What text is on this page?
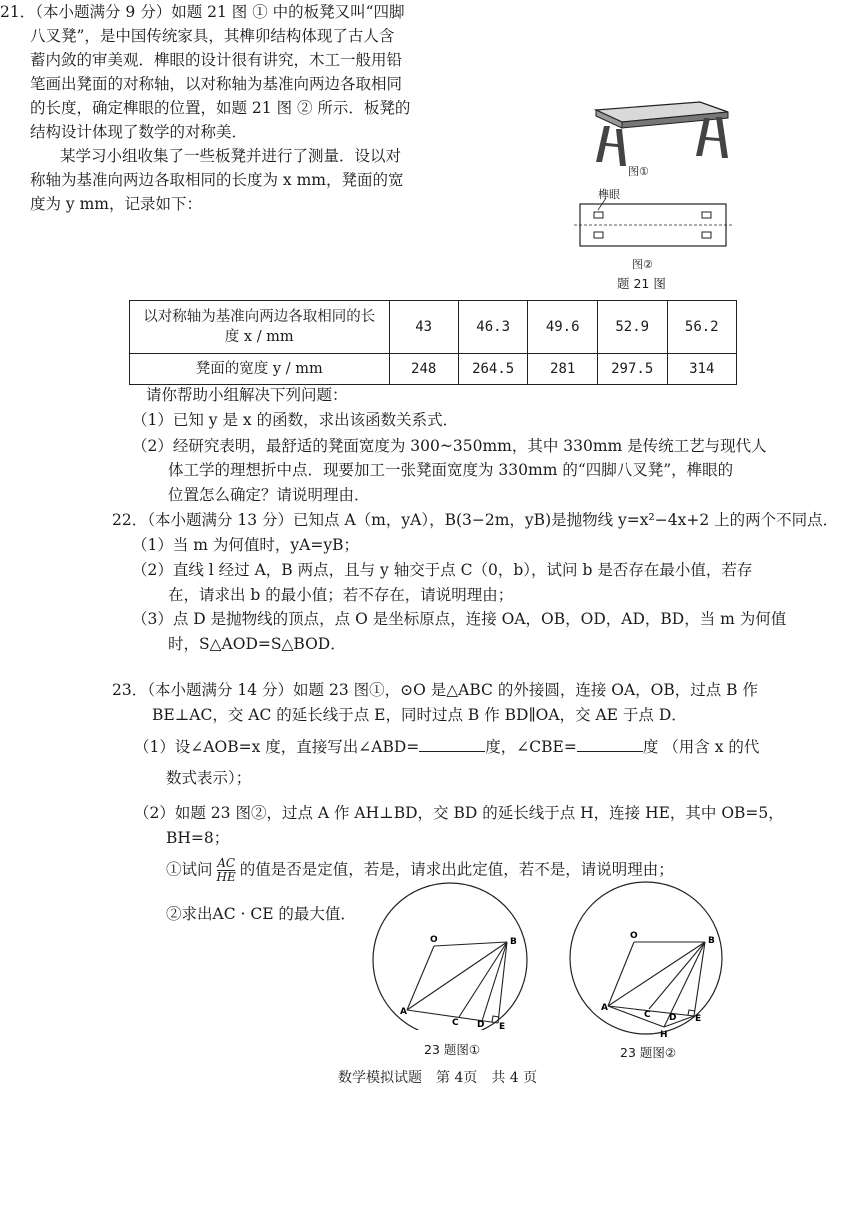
21．（本小题满分 9 分）如题 21 图 ① 中的板凳又叫“四脚
八叉凳”，是中国传统家具，其榫卯结构体现了古人含
蓄内敛的审美观．榫眼的设计很有讲究，木工一般用铅
笔画出凳面的对称轴，以对称轴为基准向两边各取相同
的长度，确定榫眼的位置，如题 21 图 ② 所示．板凳的
结构设计体现了数学的对称美．
某学习小组收集了一些板凳并进行了测量．设以对
称轴为基准向两边各取相同的长度为 x mm，凳面的宽
度为 y mm，记录如下：
图①
榫眼
图②
题 21 图
以对称轴为基准向两边各取相同的长
度 x / mm	43	46.3	49.6	52.9	56.2
凳面的宽度 y / mm	248	264.5	281	297.5	314
请你帮助小组解决下列问题：
（1）已知 y 是 x 的函数，求出该函数关系式．
（2）经研究表明，最舒适的凳面宽度为 300~350mm，其中 330mm 是传统工艺与现代人
体工学的理想折中点．现要加工一张凳面宽度为 330mm 的“四脚八叉凳”，榫眼的
位置怎么确定？请说明理由．
22．（本小题满分 13 分）已知点 A（m，yA），B(3−2m，yB)是抛物线 y=x²−4x+2 上的两个不同点．
（1）当 m 为何值时，yA=yB；
（2）直线 l 经过 A，B 两点，且与 y 轴交于点 C（0，b），试问 b 是否存在最小值，若存
在，请求出 b 的最小值；若不存在，请说明理由；
（3）点 D 是抛物线的顶点，点 O 是坐标原点，连接 OA，OB，OD，AD，BD，当 m 为何值
时，S△AOD=S△BOD．
23．（本小题满分 14 分）如题 23 图①，⊙O 是△ABC 的外接圆，连接 OA，OB，过点 B 作
BE⊥AC，交 AC 的延长线于点 E，同时过点 B 作 BD∥OA，交 AE 于点 D．
（1）设∠AOB=x 度，直接写出∠ABD=	度，∠CBE=	度 （用含 x 的代
数式表示）；
（2）如题 23 图②，过点 A 作 AH⊥BD，交 BD 的延长线于点 H，连接 HE，其中 OB=5，
BH=8；
①试问 $\frac{AC}{HE}$ 的值是否是定值，若是，请求出此定值，若不是，请说明理由；
②求出AC · CE 的最大值．
O	B
A
C D E
23 题图①
O	B
A
C D E
H
23 题图②
数学模拟试题　第 4页　共 4 页
